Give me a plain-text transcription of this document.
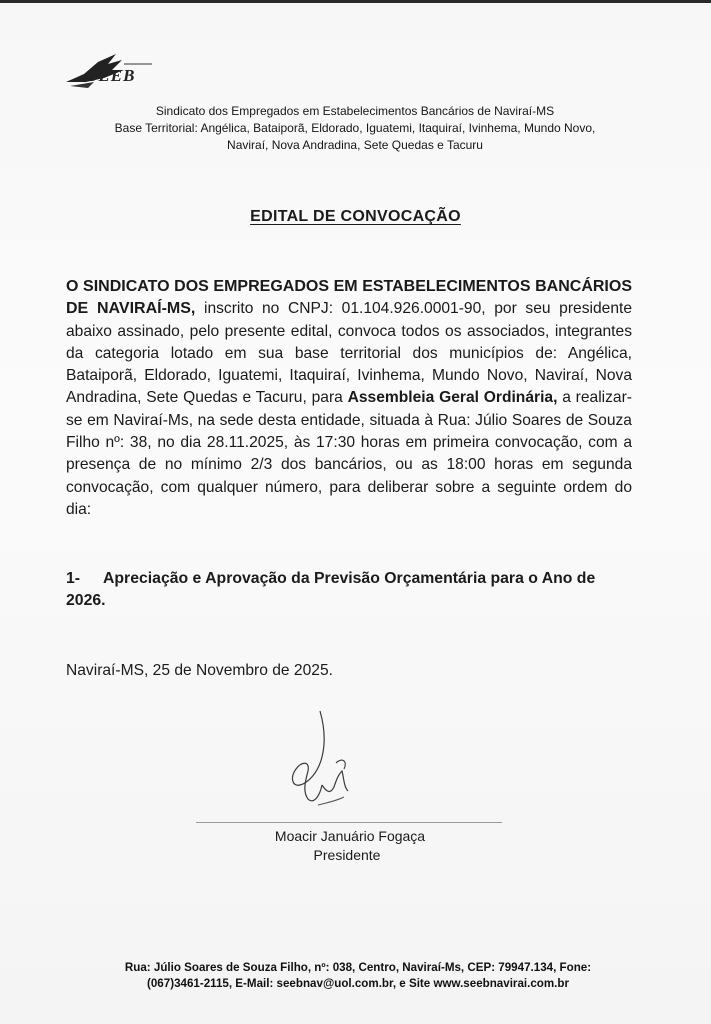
SEEB
Sindicato dos Empregados em Estabelecimentos Bancários de Naviraí-MS
Base Territorial: Angélica, Bataiporã, Eldorado, Iguatemi, Itaquiraí, Ivinhema, Mundo Novo,
Naviraí, Nova Andradina, Sete Quedas e Tacuru
EDITAL DE CONVOCAÇÃO
O SINDICATO DOS EMPREGADOS EM ESTABELECIMENTOS BANCÁRIOS DE NAVIRAÍ-MS, inscrito no CNPJ: 01.104.926.0001-90, por seu presidente abaixo assinado, pelo presente edital, convoca todos os associados, integrantes da categoria lotado em sua base territorial dos municípios de: Angélica, Bataiporã, Eldorado, Iguatemi, Itaquiraí, Ivinhema, Mundo Novo, Naviraí, Nova Andradina, Sete Quedas e Tacuru, para Assembleia Geral Ordinária, a realizar-se em Naviraí-Ms, na sede desta entidade, situada à Rua: Júlio Soares de Souza Filho nº: 38, no dia 28.11.2025, às 17:30 horas em primeira convocação, com a presença de no mínimo 2/3 dos bancários, ou as 18:00 horas em segunda convocação, com qualquer número, para deliberar sobre a seguinte ordem do dia:
1- Apreciação e Aprovação da Previsão Orçamentária para o Ano de 2026.
Naviraí-MS, 25 de Novembro de 2025.
Moacir Januário Fogaça
Presidente
Rua: Júlio Soares de Souza Filho, nº: 038, Centro, Naviraí-Ms, CEP: 79947.134, Fone:
(067)3461-2115, E-Mail: seebnav@uol.com.br, e Site www.seebnavirai.com.br
